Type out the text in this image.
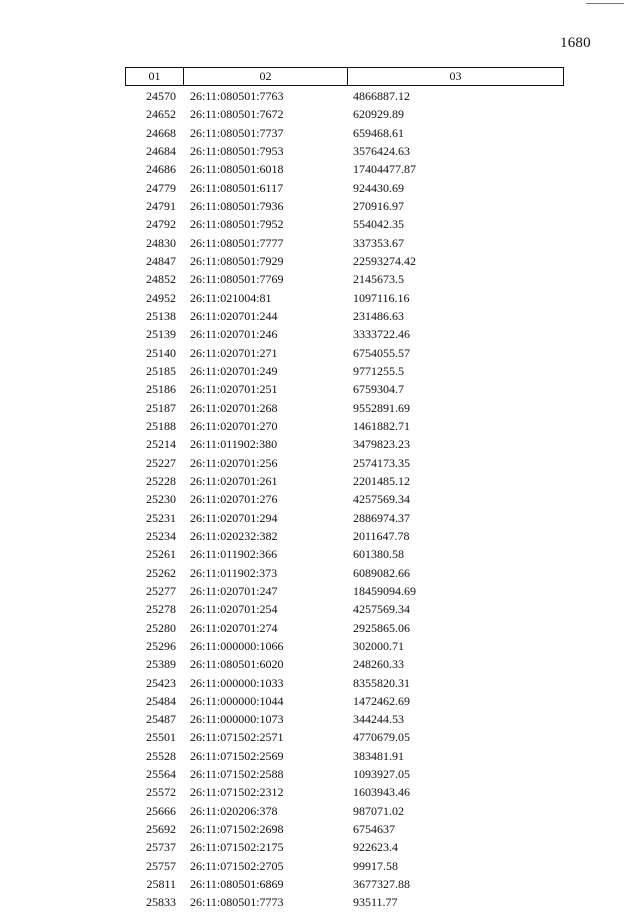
1680
01	02	03
24570 26:11:080501:7763	4866887.12
24652 26:11:080501:7672	620929.89
24668 26:11:080501:7737	659468.61
24684 26:11:080501:7953	3576424.63
24686 26:11:080501:6018	17404477.87
24779 26:11:080501:6117	924430.69
24791 26:11:080501:7936	270916.97
24792 26:11:080501:7952	554042.35
24830 26:11:080501:7777	337353.67
24847 26:11:080501:7929	22593274.42
24852 26:11:080501:7769	2145673.5
24952 26:11:021004:81	1097116.16
25138 26:11:020701:244	231486.63
25139 26:11:020701:246	3333722.46
25140 26:11:020701:271	6754055.57
25185 26:11:020701:249	9771255.5
25186 26:11:020701:251	6759304.7
25187 26:11:020701:268	9552891.69
25188 26:11:020701:270	1461882.71
25214 26:11:011902:380	3479823.23
25227 26:11:020701:256	2574173.35
25228 26:11:020701:261	2201485.12
25230 26:11:020701:276	4257569.34
25231 26:11:020701:294	2886974.37
25234 26:11:020232:382	2011647.78
25261 26:11:011902:366	601380.58
25262 26:11:011902:373	6089082.66
25277 26:11:020701:247	18459094.69
25278 26:11:020701:254	4257569.34
25280 26:11:020701:274	2925865.06
25296 26:11:000000:1066	302000.71
25389 26:11:080501:6020	248260.33
25423 26:11:000000:1033	8355820.31
25484 26:11:000000:1044	1472462.69
25487 26:11:000000:1073	344244.53
25501 26:11:071502:2571	4770679.05
25528 26:11:071502:2569	383481.91
25564 26:11:071502:2588	1093927.05
25572 26:11:071502:2312	1603943.46
25666 26:11:020206:378	987071.02
25692 26:11:071502:2698	6754637
25737 26:11:071502:2175	922623.4
25757 26:11:071502:2705	99917.58
25811 26:11:080501:6869	3677327.88
25833 26:11:080501:7773	93511.77
